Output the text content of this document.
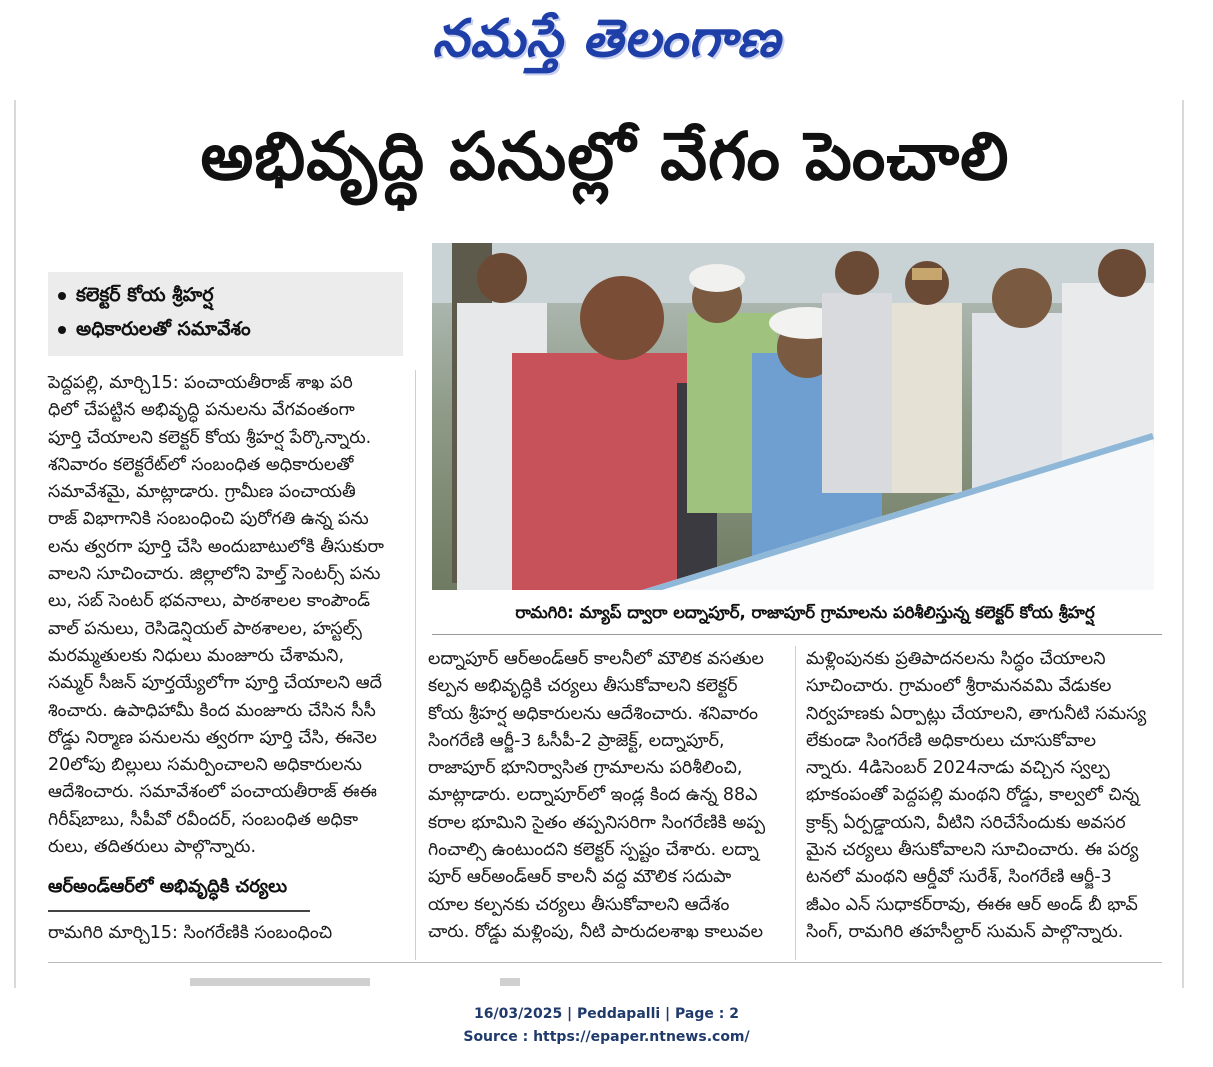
నమస్తే తెలంగాణ
అభివృద్ధి పనుల్లో వేగం పెంచాలి
కలెక్టర్ కోయ శ్రీహర్ష
అధికారులతో సమావేశం
పెద్దపల్లి, మార్చి15: పంచాయతీరాజ్ శాఖ పరి
ధిలో చేపట్టిన అభివృద్ధి పనులను వేగవంతంగా
పూర్తి చేయాలని కలెక్టర్ కోయ శ్రీహర్ష పేర్కొన్నారు.
శనివారం కలెక్టరేట్‌లో సంబంధిత అధికారులతో
సమావేశమై, మాట్లాడారు. గ్రామీణ పంచాయతీ
రాజ్ విభాగానికి సంబంధించి పురోగతి ఉన్న పను
లను త్వరగా పూర్తి చేసి అందుబాటులోకి తీసుకురా
వాలని సూచించారు. జిల్లాలోని హెల్త్ సెంటర్స్ పను
లు, సబ్ సెంటర్ భవనాలు, పాఠశాలల కాంపౌండ్
వాల్ పనులు, రెసిడెన్షియల్ పాఠశాలల, హస్టల్స్
మరమ్మతులకు నిధులు మంజూరు చేశామని,
సమ్మర్ సీజన్ పూర్తయ్యేలోగా పూర్తి చేయాలని ఆదే
శించారు. ఉపాధిహామీ కింద మంజూరు చేసిన సీసీ
రోడ్డు నిర్మాణ పనులను త్వరగా పూర్తి చేసి, ఈనెల
20లోపు బిల్లులు సమర్పించాలని అధికారులను
ఆదేశించారు. సమావేశంలో పంచాయతీరాజ్ ఈఈ
గిరీష్‌బాబు, సీపీవో రవీందర్, సంబంధిత అధికా
రులు, తదితరులు పాల్గొన్నారు.
ఆర్‌అండ్‌ఆర్‌లో అభివృద్ధికి చర్యలు
రామగిరి మార్చి15: సింగరేణికి సంబంధించి
రామగిరి: మ్యాప్ ద్వారా లద్నాపూర్, రాజాపూర్ గ్రామాలను పరిశీలిస్తున్న కలెక్టర్ కోయ శ్రీహర్ష
లద్నాపూర్ ఆర్‌అండ్‌ఆర్ కాలనీలో మౌలిక వసతుల
కల్పన అభివృద్ధికి చర్యలు తీసుకోవాలని కలెక్టర్
కోయ శ్రీహర్ష అధికారులను ఆదేశించారు. శనివారం
సింగరేణి ఆర్జీ-3 ఓసీపీ-2 ప్రాజెక్ట్, లద్నాపూర్,
రాజాపూర్ భూనిర్వాసిత గ్రామాలను పరిశీలించి,
మాట్లాడారు. లద్నాపూర్‌లో ఇండ్ల కింద ఉన్న 88ఎ
కరాల భూమిని సైతం తప్పనిసరిగా సింగరేణికి అప్ప
గించాల్సి ఉంటుందని కలెక్టర్ స్పష్టం చేశారు. లద్నా
పూర్ ఆర్‌అండ్‌ఆర్ కాలనీ వద్ద మౌలిక సదుపా
యాల కల్పనకు చర్యలు తీసుకోవాలని ఆదేశం
చారు. రోడ్డు మళ్లింపు, నీటి పారుదలశాఖ కాలువల
మళ్లింపునకు ప్రతిపాదనలను సిద్ధం చేయాలని
సూచించారు. గ్రామంలో శ్రీరామనవమి వేడుకల
నిర్వహణకు ఏర్పాట్లు చేయాలని, తాగునీటి సమస్య
లేకుండా సింగరేణి అధికారులు చూసుకోవాల
న్నారు. 4డిసెంబర్ 2024నాడు వచ్చిన స్వల్ప
భూకంపంతో పెద్దపల్లి మంథని రోడ్డు, కాల్వలో చిన్న
క్రాక్స్ ఏర్పడ్డాయని, వీటిని సరిచేసేందుకు అవసర
మైన చర్యలు తీసుకోవాలని సూచించారు. ఈ పర్య
టనలో మంథని ఆర్డీవో సురేశ్, సింగరేణి ఆర్జీ-3
జీఎం ఎన్ సుధాకర్‌రావు, ఈఈ ఆర్ అండ్ బీ భావ్
సింగ్, రామగిరి తహసీల్దార్ సుమన్ పాల్గొన్నారు.
16/03/2025 | Peddapalli | Page : 2
Source : https://epaper.ntnews.com/
